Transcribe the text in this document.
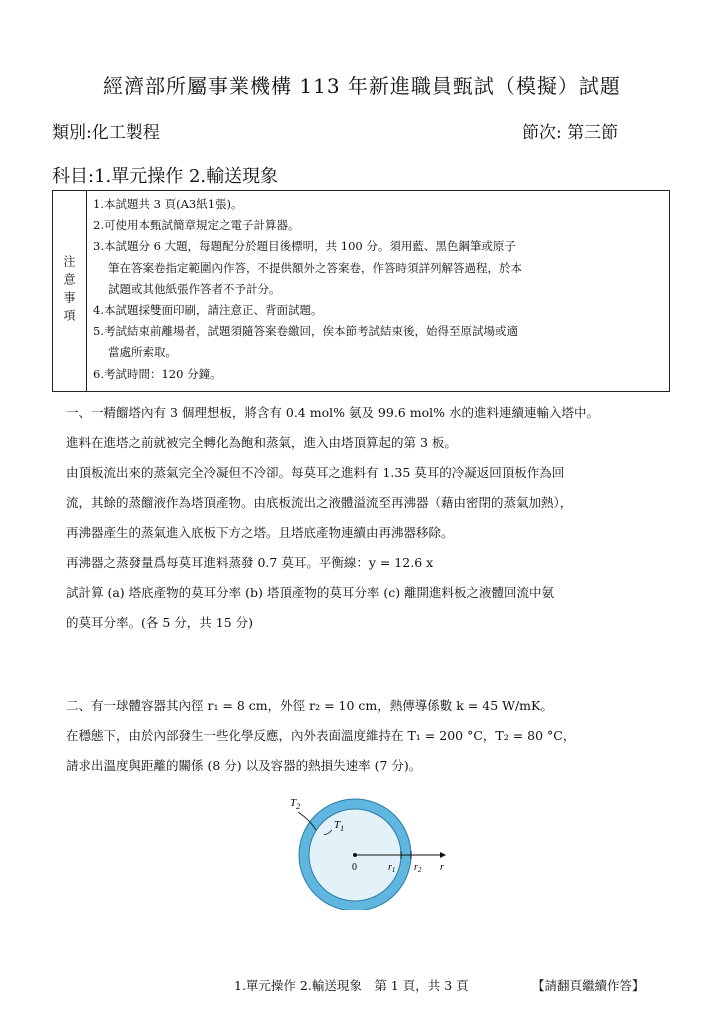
經濟部所屬事業機構 113 年新進職員甄試（模擬）試題
類別:化工製程	節次: 第三節
科目:1.單元操作 2.輸送現象
注意事項
1.本試題共 3 頁(A3紙1張)。
2.可使用本甄試簡章規定之電子計算器。
3.本試題分 6 大題，每題配分於題目後標明，共 100 分。須用藍、黑色鋼筆或原子
筆在答案卷指定範圍內作答，不提供額外之答案卷，作答時須詳列解答過程，於本
試題或其他紙張作答者不予計分。
4.本試題採雙面印刷，請注意正、背面試題。
5.考試結束前離場者，試題須隨答案卷繳回，俟本節考試結束後，始得至原試場或適
當處所索取。
6.考試時間：120 分鐘。

一、一精餾塔內有 3 個理想板，將含有 0.4 mol% 氨及 99.6 mol% 水的進料連續連輸入塔中。

進料在進塔之前就被完全轉化為飽和蒸氣，進入由塔頂算起的第 3 板。

由頂板流出來的蒸氣完全冷凝但不冷卻。每莫耳之進料有 1.35 莫耳的冷凝返回頂板作為回

流，其餘的蒸餾液作為塔頂產物。由底板流出之液體溢流至再沸器（藉由密閉的蒸氣加熱），

再沸器產生的蒸氣進入底板下方之塔。且塔底產物連續由再沸器移除。

再沸器之蒸發量爲每莫耳進料蒸發 0.7 莫耳。平衡線：y = 12.6 x

試計算 (a) 塔底產物的莫耳分率 (b) 塔頂產物的莫耳分率 (c) 離開進料板之液體回流中氨

的莫耳分率。(各 5 分，共 15 分)

二、有一球體容器其內徑 r₁ = 8 cm，外徑 r₂ = 10 cm，熱傳導係數 k = 45 W/mK。

在穩態下，由於內部發生一些化學反應，內外表面溫度維持在 T₁ = 200 °C，T₂ = 80 °C，

請求出溫度與距離的關係 (8 分) 以及容器的熱損失速率 (7 分)。

$T_2$
$T_1$
0	$r_1$ $r_2$ r
1.單元操作 2.輸送現象　第 1 頁，共 3 頁	【請翻頁繼續作答】
